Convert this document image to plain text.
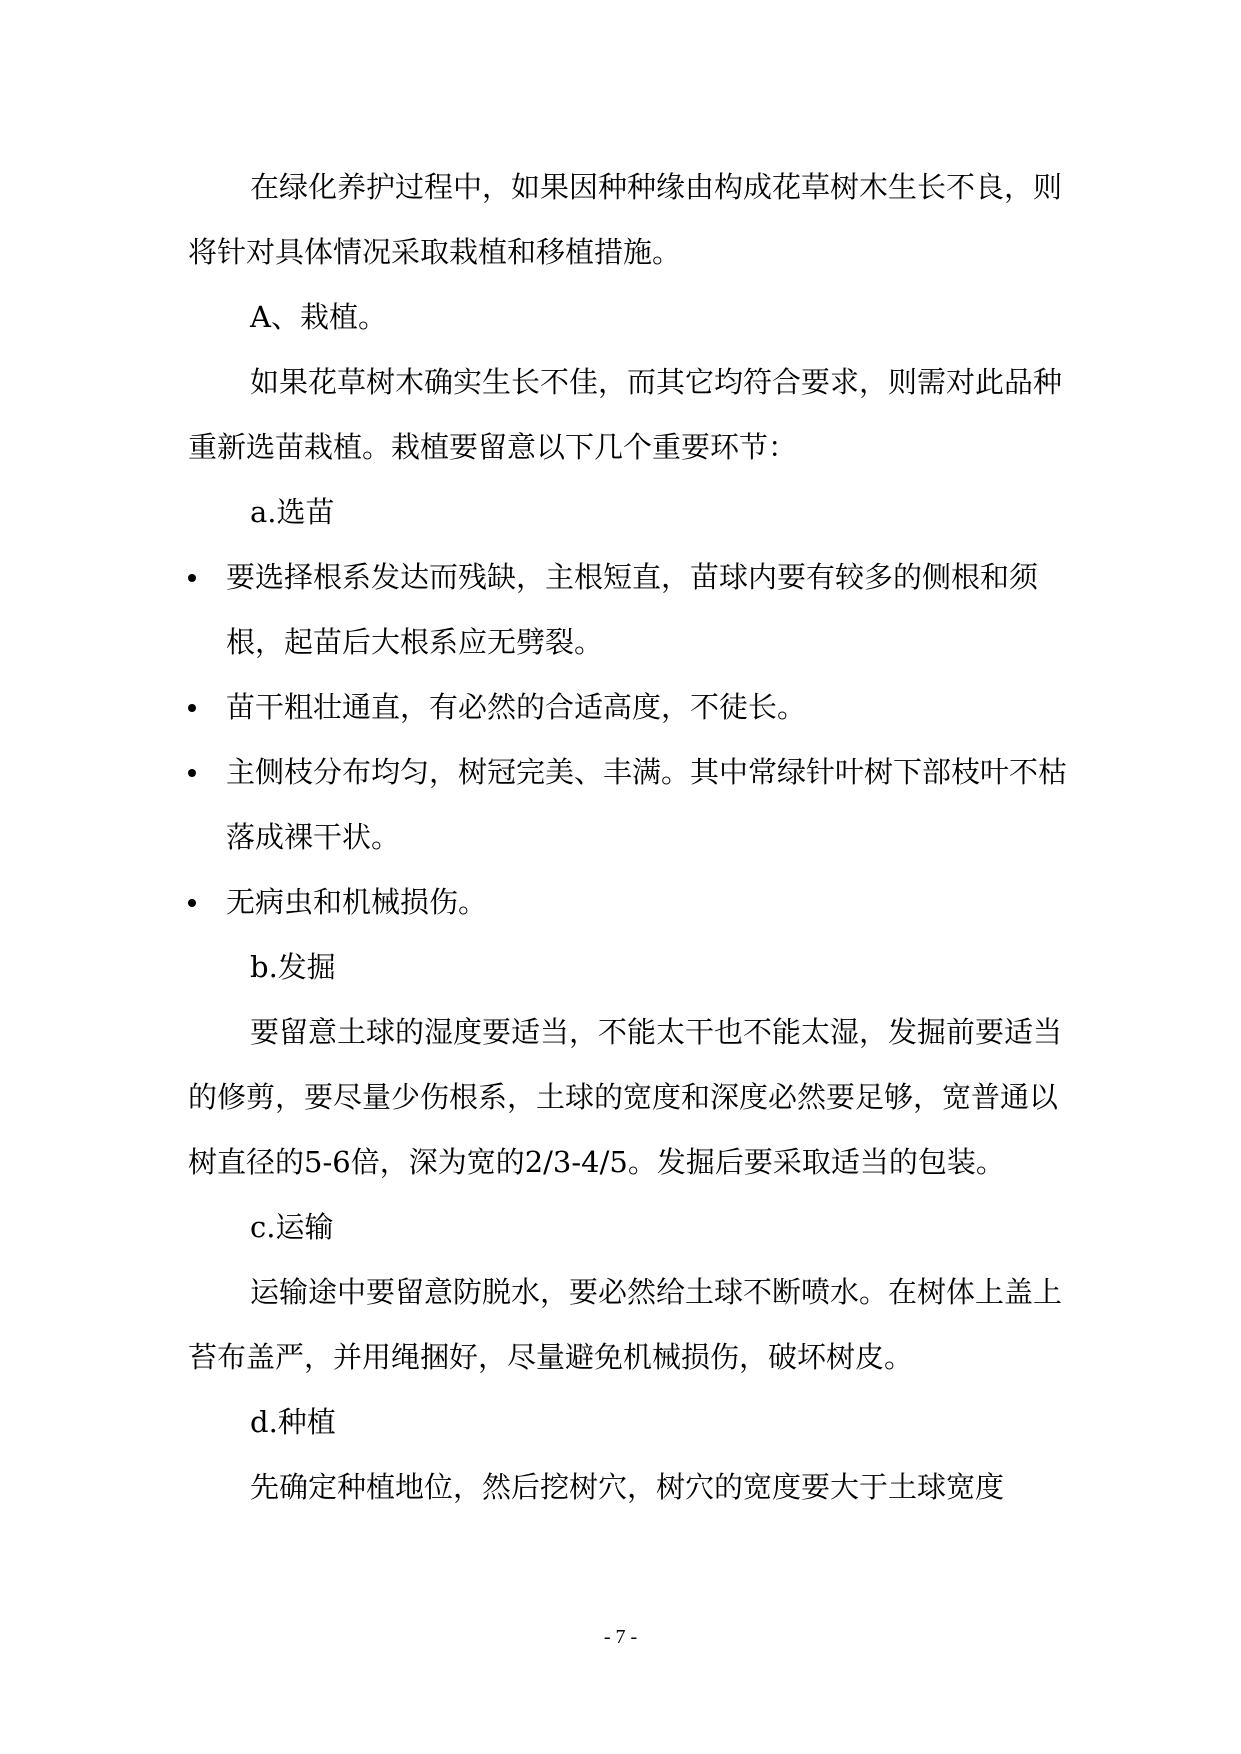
在绿化养护过程中，如果因种种缘由构成花草树木生长不良，则将针对具体情况采取栽植和移植措施。

A、栽植。

如果花草树木确实生长不佳，而其它均符合要求，则需对此品种重新选苗栽植。栽植要留意以下几个重要环节：

a.选苗

要选择根系发达而残缺，主根短直，苗球内要有较多的侧根和须根，起苗后大根系应无劈裂。
苗干粗壮通直，有必然的合适高度，不徒长。
主侧枝分布均匀，树冠完美、丰满。其中常绿针叶树下部枝叶不枯落成裸干状。
无病虫和机械损伤。

b.发掘

要留意土球的湿度要适当，不能太干也不能太湿，发掘前要适当的修剪，要尽量少伤根系，土球的宽度和深度必然要足够，宽普通以树直径的5-6倍，深为宽的2/3-4/5。发掘后要采取适当的包装。

c.运输

运输途中要留意防脱水，要必然给土球不断喷水。在树体上盖上苔布盖严，并用绳捆好，尽量避免机械损伤，破坏树皮。

d.种植

先确定种植地位，然后挖树穴，树穴的宽度要大于土球宽度

- 7 -
